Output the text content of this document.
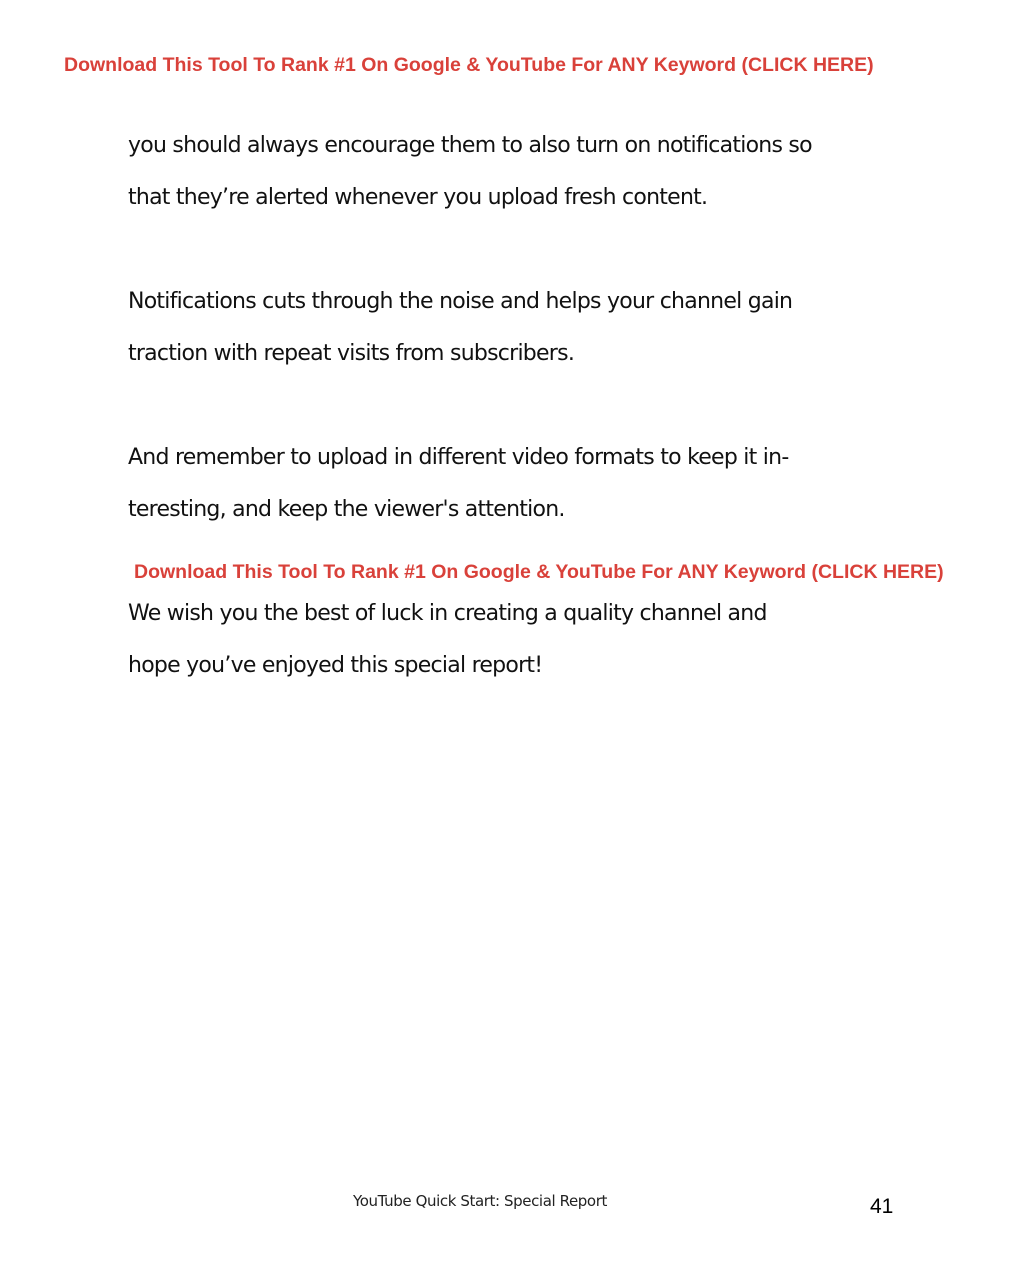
Download This Tool To Rank #1 On Google & YouTube For ANY Keyword (CLICK HERE)
you should always encourage them to also turn on notifications so
that they’re alerted whenever you upload fresh content.
Notifications cuts through the noise and helps your channel gain
traction with repeat visits from subscribers.
And remember to upload in different video formats to keep it in-
teresting, and keep the viewer's attention.
Download This Tool To Rank #1 On Google & YouTube For ANY Keyword (CLICK HERE)
We wish you the best of luck in creating a quality channel and
hope you’ve enjoyed this special report!
YouTube Quick Start: Special Report	41
